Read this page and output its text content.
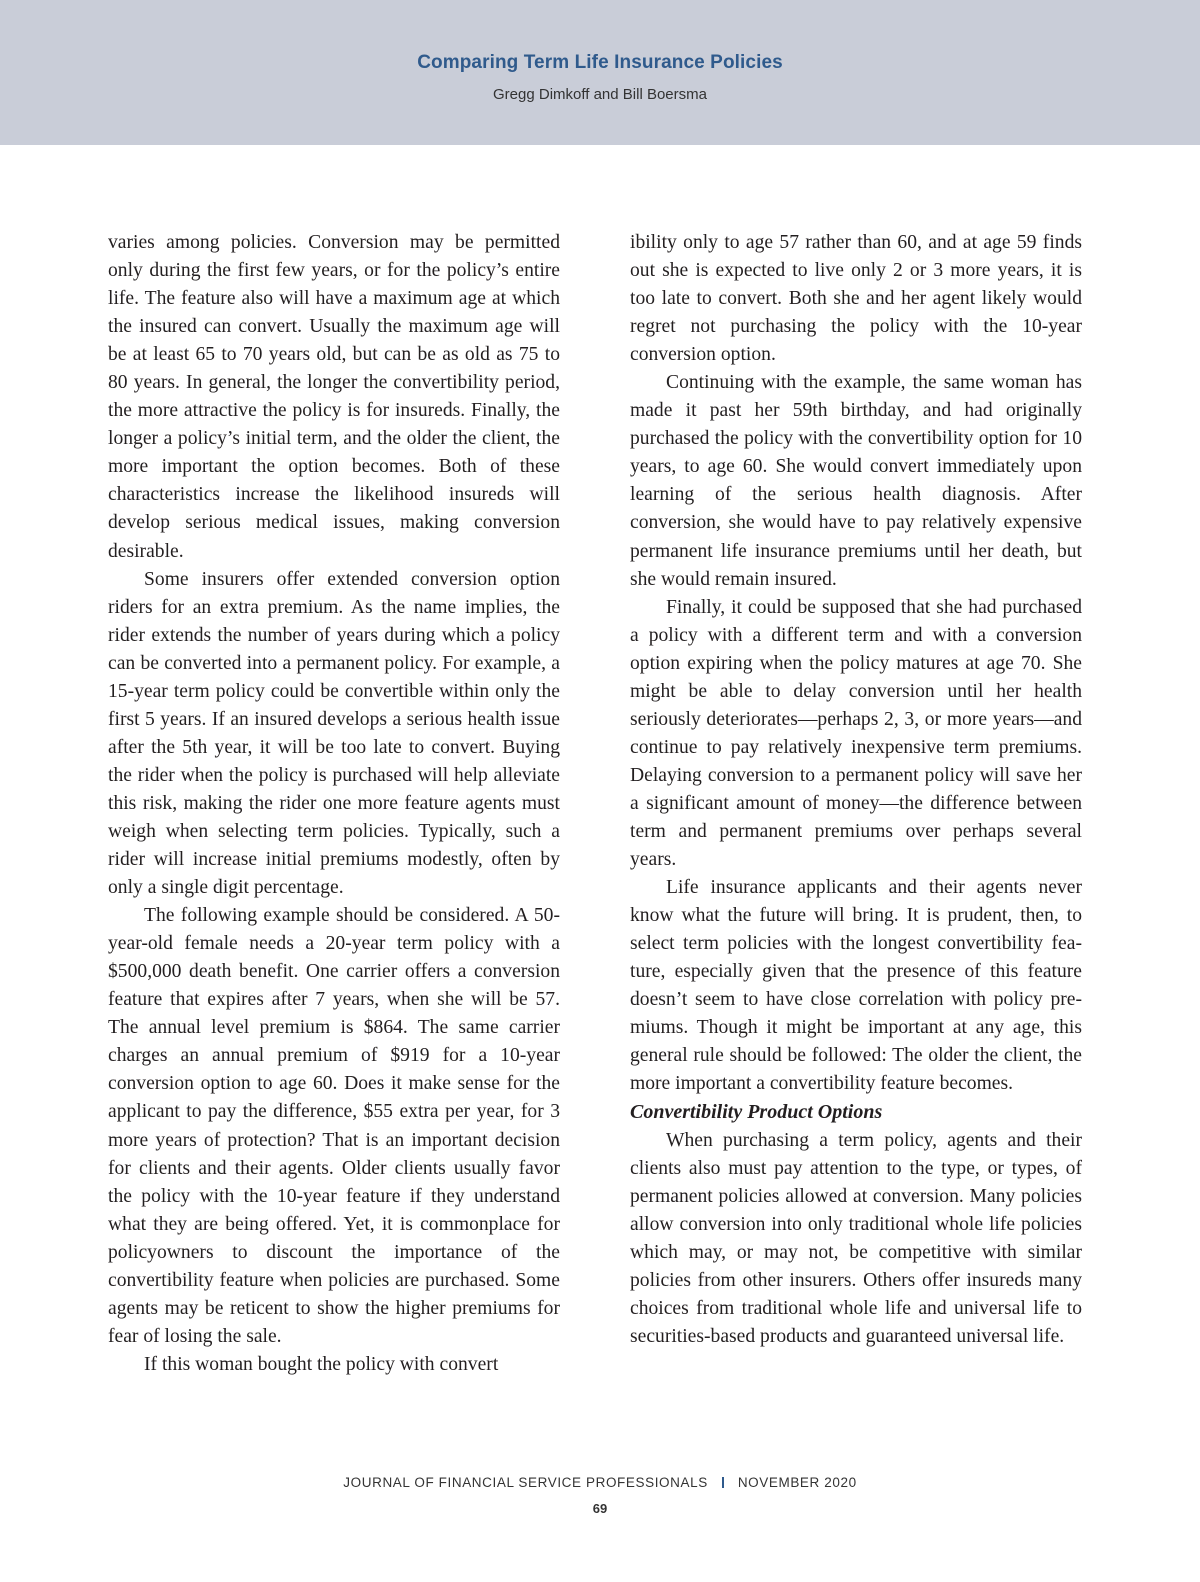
Comparing Term Life Insurance Policies
Gregg Dimkoff and Bill Boersma

varies among policies. Conversion may be permitted only during the first few years, or for the policy’s entire life. The feature also will have a maximum age at which the insured can convert. Usually the maximum age will be at least 65 to 70 years old, but can be as old as 75 to 80 years. In general, the longer the convertibility period, the more attractive the policy is for insureds. Finally, the longer a policy’s initial term, and the older the client, the more important the option becomes. Both of these characteristics increase the likelihood insureds will develop serious medical issues, making conversion desirable.

Some insurers offer extended conversion option riders for an extra premium. As the name implies, the rider extends the number of years during which a policy can be converted into a permanent policy. For example, a 15-year term policy could be convertible within only the first 5 years. If an insured develops a serious health issue after the 5th year, it will be too late to convert. Buying the rider when the policy is purchased will help alleviate this risk, making the rider one more feature agents must weigh when selecting term policies. Typically, such a rider will increase initial premiums modestly, often by only a single digit percentage.

The following example should be considered. A 50-year-old female needs a 20-year term policy with a $500,000 death benefit. One carrier offers a conversion feature that expires after 7 years, when she will be 57. The annual level premium is $864. The same carrier charges an annual premium of $919 for a 10-year conversion option to age 60. Does it make sense for the applicant to pay the difference, $55 extra per year, for 3 more years of protection? That is an important decision for clients and their agents. Older clients usually favor the policy with the 10-year feature if they understand what they are being offered. Yet, it is commonplace for policyowners to discount the importance of the convertibility feature when policies are purchased. Some agents may be reticent to show the higher premiums for fear of losing the sale.

If this woman bought the policy with convert

ibility only to age 57 rather than 60, and at age 59 finds out she is expected to live only 2 or 3 more years, it is too late to convert. Both she and her agent likely would regret not purchasing the policy with the 10-year conversion option.

Continuing with the example, the same woman has made it past her 59th birthday, and had originally purchased the policy with the convertibility option for 10 years, to age 60. She would convert immediately upon learning of the serious health diagnosis. After conversion, she would have to pay relatively expensive permanent life insurance premiums until her death, but she would remain insured.

Finally, it could be supposed that she had purchased a policy with a different term and with a conversion option expiring when the policy matures at age 70. She might be able to delay conversion until her health seriously deteriorates—perhaps 2, 3, or more years—and continue to pay relatively inexpensive term premiums. Delaying conversion to a permanent policy will save her a significant amount of money—the difference between term and permanent premiums over perhaps several years.

Life insurance applicants and their agents never know what the future will bring. It is prudent, then, to select term policies with the longest convertibility feature, especially given that the presence of this feature doesn’t seem to have close correlation with policy premiums. Though it might be important at any age, this general rule should be followed: The older the client, the more important a convertibility feature becomes.

Convertibility Product Options

When purchasing a term policy, agents and their clients also must pay attention to the type, or types, of permanent policies allowed at conversion. Many policies allow conversion into only traditional whole life policies which may, or may not, be competitive with similar policies from other insurers. Others offer insureds many choices from traditional whole life and universal life to securities-based products and guaranteed universal life.

JOURNAL OF FINANCIAL SERVICE PROFESSIONALS NOVEMBER 2020
69
